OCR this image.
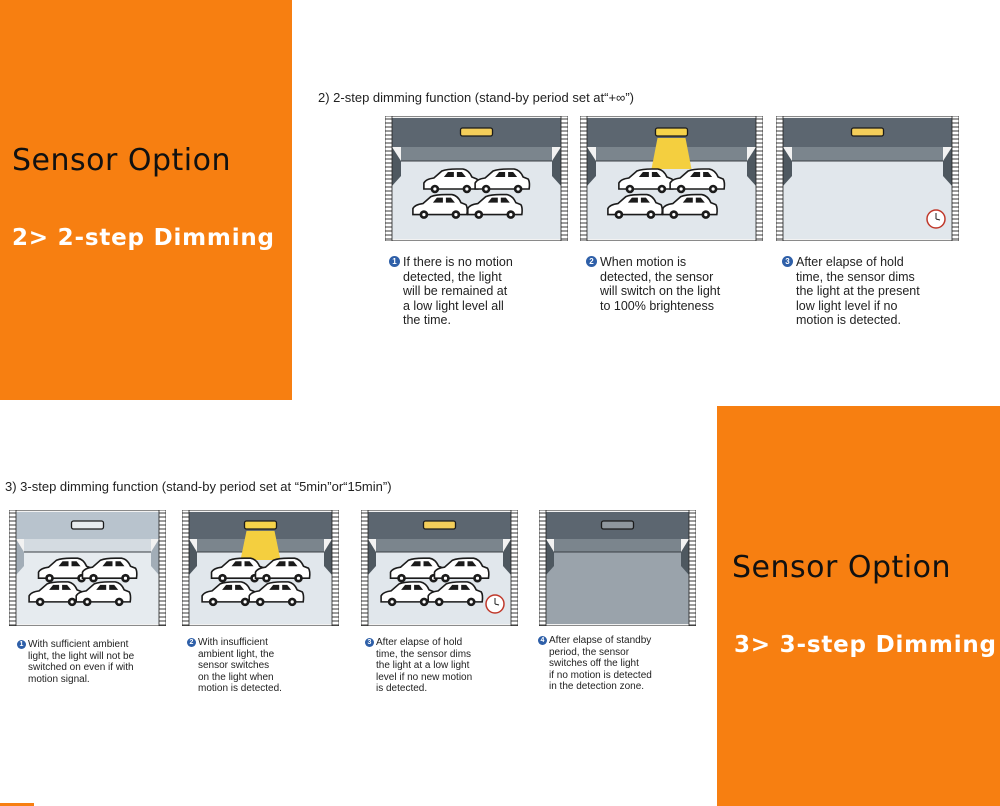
Sensor Option
2> 2-step Dimming
Sensor Option
3> 3-step Dimming
2) 2-step dimming function (stand-by period set at“+∞”)
3) 3-step dimming function (stand-by period set at “5min”or“15min”)
1 If there is no motion
detected, the light
will be remained at
a low light level all
the time.
2 When motion is
detected, the sensor
will switch on the light
to 100% brighteness
3 After elapse of hold
time, the sensor dims
the light at the present
low light level if no
motion is detected.
1 With sufficient ambient
light, the light will not be
switched on even if with
motion signal.
2 With insufficient
ambient light, the
sensor switches
on the light when
motion is detected.
3 After elapse of hold
time, the sensor dims
the light at a low light
level if no new motion
is detected.
4 After elapse of standby
period, the sensor
switches off the light
if no motion is detected
in the detection zone.
